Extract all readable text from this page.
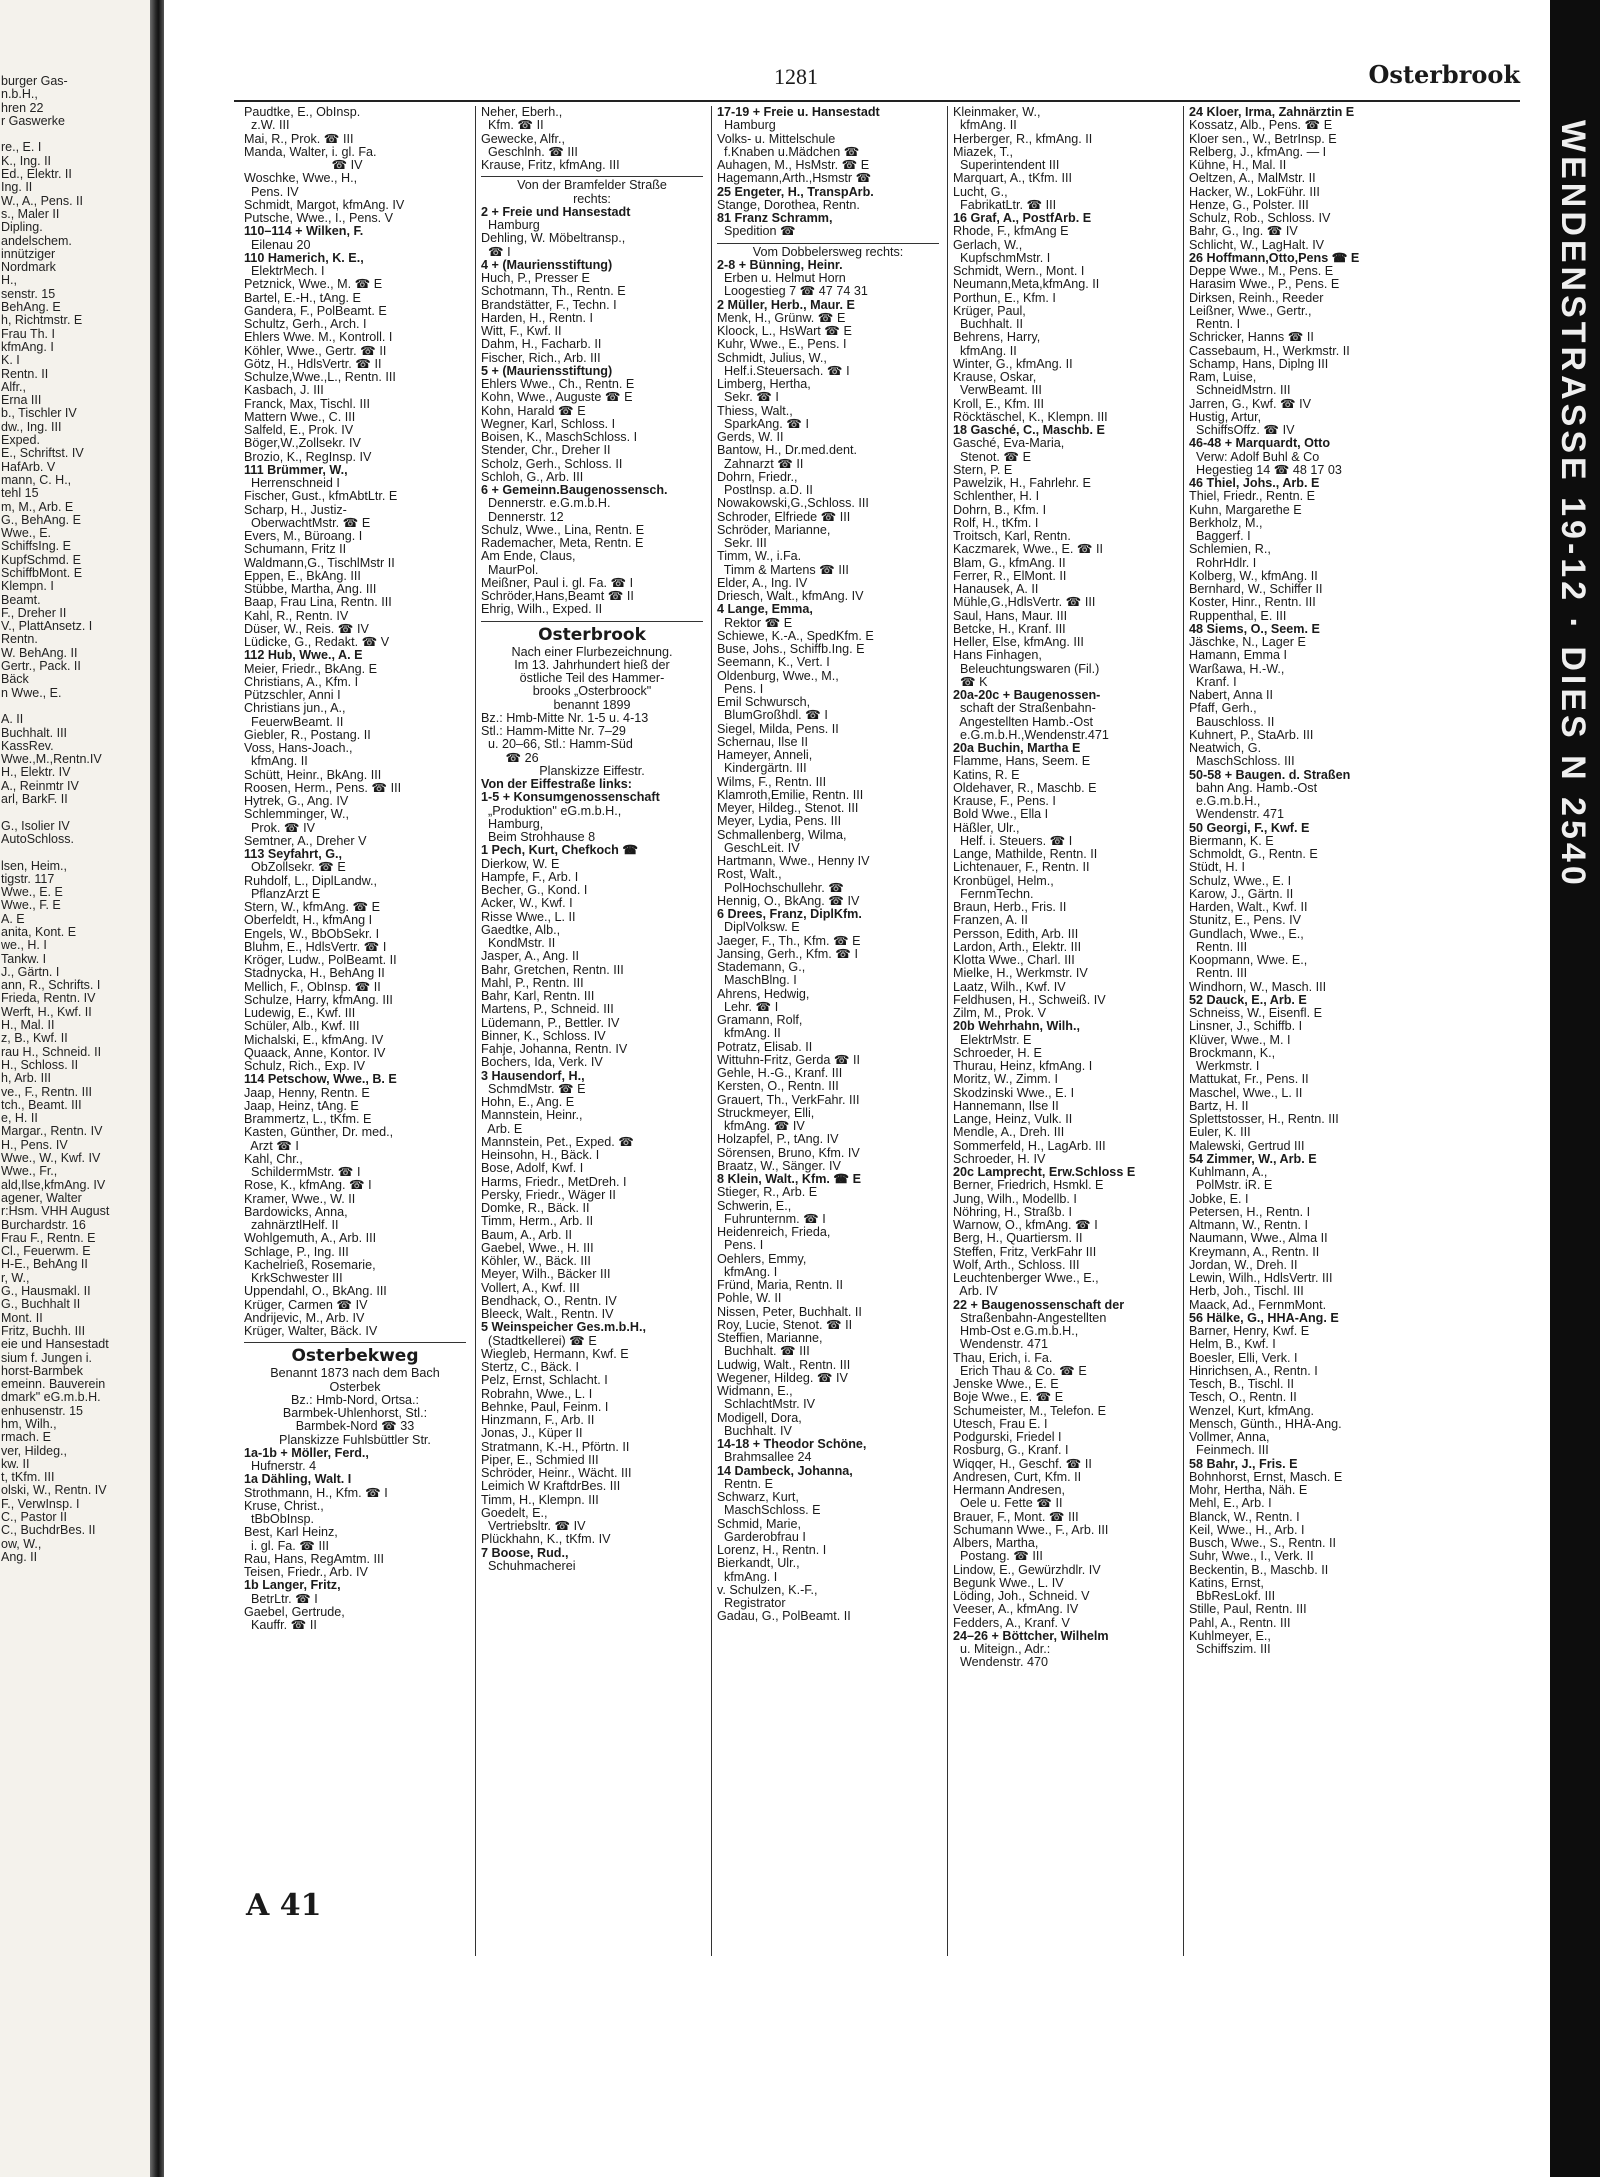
burger Gas-
n.b.H.,
hren 22
r Gaswerke

re., E. I
K., Ing. II
Ed., Elektr. II
Ing. II
W., A., Pens. II
s., Maler II
Dipling.
andelschem.
innütziger
Nordmark
H.,
senstr. 15
BehAng. E
h, Richtmstr. E
Frau Th. I
kfmAng. I
K. I
Rentn. II
Alfr.,
Erna III
b., Tischler IV
dw., Ing. III
Exped.
E., Schriftst. IV
HafArb. V
mann, C. H.,
tehl 15
m, M., Arb. E
G., BehAng. E
Wwe., E.
SchiffsIng. E
KupfSchmd. E
SchiffbMont. E
Klempn. I
Beamt.
F., Dreher II
V., PlattAnsetz. I
Rentn.
W. BehAng. II
Gertr., Pack. II
Bäck
n Wwe., E.

A. II
Buchhalt. III
KassRev.
Wwe.,M.,Rentn.IV
H., Elektr. IV
A., Reinmtr IV
arl, BarkF. II

G., Isolier IV
AutoSchloss.

lsen, Heim.,
tigstr. 117
Wwe., E. E
Wwe., F. E
A. E
anita, Kont. E
we., H. I
Tankw. I
J., Gärtn. I
ann, R., Schrifts. I
Frieda, Rentn. IV
Werft, H., Kwf. II
H., Mal. II
z, B., Kwf. II
rau H., Schneid. II
H., Schloss. II
h, Arb. III
ve., F., Rentn. III
tch., Beamt. III
e, H. II
Margar., Rentn. IV
H., Pens. IV
Wwe., W., Kwf. IV
Wwe., Fr.,
ald,Ilse,kfmAng. IV
agener, Walter
r:Hsm. VHH August
Burchardstr. 16
Frau F., Rentn. E
Cl., Feuerwm. E
H-E., BehAng II
r, W.,
G., Hausmakl. II
G., Buchhalt II
Mont. II
Fritz, Buchh. III
eie und Hansestadt
sium f. Jungen i.
horst-Barmbek
emeinn. Bauverein
dmark" eG.m.b.H.
enhusenstr. 15
hm, Wilh.,
rmach. E
ver, Hildeg.,
kw. II
t, tKfm. III
olski, W., Rentn. IV
F., VerwInsp. I
C., Pastor II
C., BuchdrBes. II
ow, W.,
Ang. II
1281	Osterbrook
Paudtke, E., ObInsp.
z.W. III
Mai, R., Prok. ☎ III
Manda, Walter, i. gl. Fa.
☎ IV
Woschke, Wwe., H.,
Pens. IV
Schmidt, Margot, kfmAng. IV
Putsche, Wwe., I., Pens. V
110–114 + Wilken, F.
Eilenau 20
110 Hamerich, K. E.,
ElektrMech. I
Petznick, Wwe., M. ☎ E
Bartel, E.-H., tAng. E
Gandera, F., PolBeamt. E
Schultz, Gerh., Arch. I
Ehlers Wwe. M., Kontroll. I
Köhler, Wwe., Gertr. ☎ II
Götz, H., HdlsVertr. ☎ II
Schulze,Wwe.,L., Rentn. III
Kasbach, J. III
Franck, Max, Tischl. III
Mattern Wwe., C. III
Salfeld, E., Prok. IV
Böger,W.,Zollsekr. IV
Brozio, K., RegInsp. IV
111 Brümmer, W.,
Herrenschneid I
Fischer, Gust., kfmAbtLtr. E
Scharp, H., Justiz-
OberwachtMstr. ☎ E
Evers, M., Büroang. I
Schumann, Fritz II
Waldmann,G., TischlMstr II
Eppen, E., BkAng. III
Stübbe, Martha, Ang. III
Baap, Frau Lina, Rentn. III
Kahl, R., Rentn. IV
Düser, W., Reis. ☎ IV
Lüdicke, G., Redakt. ☎ V
112 Hub, Wwe., A. E
Meier, Friedr., BkAng. E
Christians, A., Kfm. I
Pützschler, Anni I
Christians jun., A.,
FeuerwBeamt. II
Giebler, R., Postang. II
Voss, Hans-Joach.,
kfmAng. II
Schütt, Heinr., BkAng. III
Roosen, Herm., Pens. ☎ III
Hytrek, G., Ang. IV
Schlemminger, W.,
Prok. ☎ IV
Semtner, A., Dreher V
113 Seyfahrt, G.,
ObZollsekr. ☎ E
Ruhdolf, L., DiplLandw.,
PflanzArzt E
Stern, W., kfmAng. ☎ E
Oberfeldt, H., kfmAng I
Engels, W., BbObSekr. I
Bluhm, E., HdlsVertr. ☎ I
Kröger, Ludw., PolBeamt. II
Stadnycka, H., BehAng II
Mellich, F., ObInsp. ☎ II
Schulze, Harry, kfmAng. III
Ludewig, E., Kwf. III
Schüler, Alb., Kwf. III
Michalski, E., kfmAng. IV
Quaack, Anne, Kontor. IV
Schulz, Rich., Exp. IV
114 Petschow, Wwe., B. E
Jaap, Henny, Rentn. E
Jaap, Heinz, tAng. E
Brammertz, L., tKfm. E
Kasten, Günther, Dr. med.,
Arzt ☎ I
Kahl, Chr.,
SchildermMstr. ☎ I
Rose, K., kfmAng. ☎ I
Kramer, Wwe., W. II
Bardowicks, Anna,
zahnärztlHelf. II
Wohlgemuth, A., Arb. III
Schlage, P., Ing. III
Kachelrieß, Rosemarie,
KrkSchwester III
Uppendahl, O., BkAng. III
Krüger, Carmen ☎ IV
Andrijevic, M., Arb. IV
Krüger, Walter, Bäck. IV
Osterbekweg
Benannt 1873 nach dem Bach
Osterbek
Bz.: Hmb-Nord, Ortsa.:
Barmbek-Uhlenhorst, Stl.:
Barmbek-Nord ☎ 33
Planskizze Fuhlsbüttler Str.
1a-1b + Möller, Ferd.,
Hufnerstr. 4
1a Dähling, Walt. I
Strothmann, H., Kfm. ☎ I
Kruse, Christ.,
tBbObInsp.
Best, Karl Heinz,
i. gl. Fa. ☎ III
Rau, Hans, RegAmtm. III
Teisen, Friedr., Arb. IV
1b Langer, Fritz,
BetrLtr. ☎ I
Gaebel, Gertrude,
Kauffr. ☎ II
Neher, Eberh.,
Kfm. ☎ II
Gewecke, Alfr.,
Geschlnh. ☎ III
Krause, Fritz, kfmAng. III
Von der Bramfelder Straße
rechts:
2 + Freie und Hansestadt
Hamburg
Dehling, W. Möbeltransp.,
☎ I
4 + (Mauriensstiftung)
Huch, P., Presser E
Schotmann, Th., Rentn. E
Brandstätter, F., Techn. I
Harden, H., Rentn. I
Witt, F., Kwf. II
Dahm, H., Facharb. II
Fischer, Rich., Arb. III
5 + (Mauriensstiftung)
Ehlers Wwe., Ch., Rentn. E
Kohn, Wwe., Auguste ☎ E
Kohn, Harald ☎ E
Wegner, Karl, Schloss. I
Boisen, K., MaschSchloss. I
Stender, Chr., Dreher II
Scholz, Gerh., Schloss. II
Schloh, G., Arb. III
6 + Gemeinn.Baugenossensch.
Dennerstr. e.G.m.b.H.
Dennerstr. 12
Schulz, Wwe., Lina, Rentn. E
Rademacher, Meta, Rentn. E
Am Ende, Claus,
MaurPol.
Meißner, Paul i. gl. Fa. ☎ I
Schröder,Hans,Beamt ☎ II
Ehrig, Wilh., Exped. II
Osterbrook
Nach einer Flurbezeichnung.
Im 13. Jahrhundert hieß der
östliche Teil des Hammer-
brooks „Osterbroock"
benannt 1899
Bz.: Hmb-Mitte Nr. 1-5 u. 4-13
Stl.: Hamm-Mitte Nr. 7–29
u. 20–66, Stl.: Hamm-Süd
☎ 26
Planskizze Eiffestr.
Von der Eiffestraße links:
1-5 + Konsumgenossenschaft
„Produktion" eG.m.b.H.,
Hamburg,
Beim Strohhause 8
1 Pech, Kurt, Chefkoch ☎
Dierkow, W. E
Hampfe, F., Arb. I
Becher, G., Kond. I
Acker, W., Kwf. I
Risse Wwe., L. II
Gaedtke, Alb.,
KondMstr. II
Jasper, A., Ang. II
Bahr, Gretchen, Rentn. III
Mahl, P., Rentn. III
Bahr, Karl, Rentn. III
Martens, P., Schneid. III
Lüdemann, P., Bettler. IV
Binner, K., Schloss. IV
Fahje, Johanna, Rentn. IV
Bochers, Ida, Verk. IV
3 Hausendorf, H.,
SchmdMstr. ☎ E
Hohn, E., Ang. E
Mannstein, Heinr.,
Arb. E
Mannstein, Pet., Exped. ☎
Heinsohn, H., Bäck. I
Bose, Adolf, Kwf. I
Harms, Friedr., MetDreh. I
Persky, Friedr., Wäger II
Domke, R., Bäck. II
Timm, Herm., Arb. II
Baum, A., Arb. II
Gaebel, Wwe., H. III
Köhler, W., Bäck. III
Meyer, Wilh., Bäcker III
Vollert, A., Kwf. III
Bendhack, O., Rentn. IV
Bleeck, Walt., Rentn. IV
5 Weinspeicher Ges.m.b.H.,
(Stadtkellerei) ☎ E
Wiegleb, Hermann, Kwf. E
Stertz, C., Bäck. I
Pelz, Ernst, Schlacht. I
Robrahn, Wwe., L. I
Behnke, Paul, Feinm. I
Hinzmann, F., Arb. II
Jonas, J., Küper II
Stratmann, K.-H., Pförtn. II
Piper, E., Schmied III
Schröder, Heinr., Wächt. III
Leimich W KraftdrBes. III
Timm, H., Klempn. III
Goedelt, E.,
Vertriebsltr. ☎ IV
Plückhahn, K., tKfm. IV
7 Boose, Rud.,
Schuhmacherei
17-19 + Freie u. Hansestadt
Hamburg
Volks- u. Mittelschule
f.Knaben u.Mädchen ☎
Auhagen, M., HsMstr. ☎ E
Hagemann,Arth.,Hsmstr ☎
25 Engeter, H., TranspArb.
Stange, Dorothea, Rentn.
81 Franz Schramm,
Spedition ☎
Vom Dobbelersweg rechts:
2-8 + Bünning, Heinr.
Erben u. Helmut Horn
Loogestieg 7 ☎ 47 74 31
2 Müller, Herb., Maur. E
Menk, H., Grünw. ☎ E
Kloock, L., HsWart ☎ E
Kuhr, Wwe., E., Pens. I
Schmidt, Julius, W.,
Helf.i.Steuersach. ☎ I
Limberg, Hertha,
Sekr. ☎ I
Thiess, Walt.,
SparkAng. ☎ I
Gerds, W. II
Bantow, H., Dr.med.dent.
Zahnarzt ☎ II
Dohrn, Friedr.,
Postlnsp. a.D. II
Nowakowski,G.,Schloss. III
Schroder, Elfriede ☎ III
Schröder, Marianne,
Sekr. III
Timm, W., i.Fa.
Timm & Martens ☎ III
Elder, A., Ing. IV
Driesch, Walt., kfmAng. IV
4 Lange, Emma,
Rektor ☎ E
Schiewe, K.-A., SpedKfm. E
Buse, Johs., Schiffb.Ing. E
Seemann, K., Vert. I
Oldenburg, Wwe., M.,
Pens. I
Emil Schwursch,
BlumGroßhdl. ☎ I
Siegel, Milda, Pens. II
Schernau, Ilse II
Hameyer, Anneli,
Kindergärtn. III
Wilms, F., Rentn. III
Klamroth,Emilie, Rentn. III
Meyer, Hildeg., Stenot. III
Meyer, Lydia, Pens. III
Schmallenberg, Wilma,
GeschLeit. IV
Hartmann, Wwe., Henny IV
Rost, Walt.,
PolHochschullehr. ☎
Hennig, O., BkAng. ☎ IV
6 Drees, Franz, DiplKfm.
DiplVolksw. E
Jaeger, F., Th., Kfm. ☎ E
Jansing, Gerh., Kfm. ☎ I
Stademann, G.,
MaschBlng. I
Ahrens, Hedwig,
Lehr. ☎ I
Gramann, Rolf,
kfmAng. II
Potratz, Elisab. II
Wittuhn-Fritz, Gerda ☎ II
Gehle, H.-G., Kranf. III
Kersten, O., Rentn. III
Grauert, Th., VerkFahr. III
Struckmeyer, Elli,
kfmAng. ☎ IV
Holzapfel, P., tAng. IV
Sörensen, Bruno, Kfm. IV
Braatz, W., Sänger. IV
8 Klein, Walt., Kfm. ☎ E
Stieger, R., Arb. E
Schwerin, E.,
Fuhrunternm. ☎ I
Heidenreich, Frieda,
Pens. I
Oehlers, Emmy,
kfmAng. I
Fründ, Maria, Rentn. II
Pohle, W. II
Nissen, Peter, Buchhalt. II
Roy, Lucie, Stenot. ☎ II
Steffien, Marianne,
Buchhalt. ☎ III
Ludwig, Walt., Rentn. III
Wegener, Hildeg. ☎ IV
Widmann, E.,
SchlachtMstr. IV
Modigell, Dora,
Buchhalt. IV
14-18 + Theodor Schöne,
Brahmsallee 24
14 Dambeck, Johanna,
Rentn. E
Schwarz, Kurt,
MaschSchloss. E
Schmid, Marie,
Garderobfrau I
Lorenz, H., Rentn. I
Bierkandt, Ulr.,
kfmAng. I
v. Schulzen, K.-F.,
Registrator
Gadau, G., PolBeamt. II
Kleinmaker, W.,
kfmAng. II
Herberger, R., kfmAng. II
Miazek, T.,
Superintendent III
Marquart, A., tKfm. III
Lucht, G.,
FabrikatLtr. ☎ III
16 Graf, A., PostfArb. E
Rhode, F., kfmAng E
Gerlach, W.,
KupfschmMstr. I
Schmidt, Wern., Mont. I
Neumann,Meta,kfmAng. II
Porthun, E., Kfm. I
Krüger, Paul,
Buchhalt. II
Behrens, Harry,
kfmAng. II
Winter, G., kfmAng. II
Krause, Oskar,
VerwBeamt. III
Kroll, E., Kfm. III
Röcktäschel, K., Klempn. III
18 Gasché, C., Maschb. E
Gasché, Eva-Maria,
Stenot. ☎ E
Stern, P. E
Pawelzik, H., Fahrlehr. E
Schlenther, H. I
Dohrn, B., Kfm. I
Rolf, H., tKfm. I
Troitsch, Karl, Rentn.
Kaczmarek, Wwe., E. ☎ II
Blam, G., kfmAng. II
Ferrer, R., ElMont. II
Hanausek, A. II
Mühle,G.,HdlsVertr. ☎ III
Saul, Hans, Maur. III
Betcke, H., Kranf. III
Heller, Else, kfmAng. III
Hans Finhagen,
Beleuchtungswaren (Fil.)
☎ K
20a-20c + Baugenossen-
schaft der Straßenbahn-
Angestellten Hamb.-Ost
e.G.m.b.H.,Wendenstr.471
20a Buchin, Martha E
Flamme, Hans, Seem. E
Katins, R. E
Oldehaver, R., Maschb. E
Krause, F., Pens. I
Bold Wwe., Ella I
Häßler, Ulr.,
Helf. i. Steuers. ☎ I
Lange, Mathilde, Rentn. II
Lichtenauer, F., Rentn. II
Kronbügel, Helm.,
FernmTechn.
Braun, Herb., Fris. II
Franzen, A. II
Persson, Edith, Arb. III
Lardon, Arth., Elektr. III
Klotta Wwe., Charl. III
Mielke, H., Werkmstr. IV
Laatz, Wilh., Kwf. IV
Feldhusen, H., Schweiß. IV
Zilm, M., Prok. V
20b Wehrhahn, Wilh.,
ElektrMstr. E
Schroeder, H. E
Thurau, Heinz, kfmAng. I
Moritz, W., Zimm. I
Skodzinski Wwe., E. I
Hannemann, Ilse II
Lange, Heinz, Vulk. II
Mendle, A., Dreh. III
Sommerfeld, H., LagArb. III
Schroeder, H. IV
20c Lamprecht, Erw.Schloss E
Berner, Friedrich, Hsmkl. E
Jung, Wilh., Modellb. I
Nöhring, H., Straßb. I
Warnow, O., kfmAng. ☎ I
Berg, H., Quartiersm. II
Steffen, Fritz, VerkFahr III
Wolf, Arth., Schloss. III
Leuchtenberger Wwe., E.,
Arb. IV
22 + Baugenossenschaft der
Straßenbahn-Angestellten
Hmb-Ost e.G.m.b.H.,
Wendenstr. 471
Thau, Erich, i. Fa.
Erich Thau & Co. ☎ E
Jenske Wwe., E. E
Boje Wwe., E. ☎ E
Schumeister, M., Telefon. E
Utesch, Frau E. I
Podgurski, Friedel I
Rosburg, G., Kranf. I
Wiqqer, H., Geschf. ☎ II
Andresen, Curt, Kfm. II
Hermann Andresen,
Oele u. Fette ☎ II
Brauer, F., Mont. ☎ III
Schumann Wwe., F., Arb. III
Albers, Martha,
Postang. ☎ III
Lindow, E., Gewürzhdlr. IV
Begunk Wwe., L. IV
Löding, Joh., Schneid. V
Veeser, A., kfmAng. IV
Fedders, A., Kranf. V
24–26 + Böttcher, Wilhelm
u. Miteign., Adr.:
Wendenstr. 470
24 Kloer, Irma, Zahnärztin E
Kossatz, Alb., Pens. ☎ E
Kloer sen., W., BetrInsp. E
Relberg, J., kfmAng. — I
Kühne, H., Mal. II
Oeltzen, A., MalMstr. II
Hacker, W., LokFühr. III
Henze, G., Polster. III
Schulz, Rob., Schloss. IV
Bahr, G., Ing. ☎ IV
Schlicht, W., LagHalt. IV
26 Hoffmann,Otto,Pens ☎ E
Deppe Wwe., M., Pens. E
Harasim Wwe., P., Pens. E
Dirksen, Reinh., Reeder
Leißner, Wwe., Gertr.,
Rentn. I
Schricker, Hanns ☎ II
Cassebaum, H., Werkmstr. II
Schamp, Hans, Diplng III
Ram, Luise,
SchneidMstrn. III
Jarren, G., Kwf. ☎ IV
Hustig, Artur,
SchiffsOffz. ☎ IV
46-48 + Marquardt, Otto
Verw: Adolf Buhl & Co
Hegestieg 14 ☎ 48 17 03
46 Thiel, Johs., Arb. E
Thiel, Friedr., Rentn. E
Kuhn, Margarethe E
Berkholz, M.,
Baggerf. I
Schlemien, R.,
RohrHdlr. I
Kolberg, W., kfmAng. II
Bernhard, W., Schiffer II
Koster, Hinr., Rentn. III
Ruppenthal, E. III
48 Siems, O., Seem. E
Jäschke, N., Lager E
Hamann, Emma I
Warßawa, H.-W.,
Kranf. I
Nabert, Anna II
Pfaff, Gerh.,
Bauschloss. II
Kuhnert, P., StaArb. III
Neatwich, G.
MaschSchloss. III
50-58 + Baugen. d. Straßen
bahn Ang. Hamb.-Ost
e.G.m.b.H.,
Wendenstr. 471
50 Georgi, F., Kwf. E
Biermann, K. E
Schmoldt, G., Rentn. E
Stüdt, H. I
Schulz, Wwe., E. I
Karow, J., Gärtn. II
Harden, Walt., Kwf. II
Stunitz, E., Pens. IV
Gundlach, Wwe., E.,
Rentn. III
Koopmann, Wwe. E.,
Rentn. III
Windhorn, W., Masch. III
52 Dauck, E., Arb. E
Schneiss, W., Eisenfl. E
Linsner, J., Schiffb. I
Klüver, Wwe., M. I
Brockmann, K.,
Werkmstr. I
Mattukat, Fr., Pens. II
Maschel, Wwe., L. II
Bartz, H. II
Splettstosser, H., Rentn. III
Euler, K. III
Malewski, Gertrud III
54 Zimmer, W., Arb. E
Kuhlmann, A.,
PolMstr. iR. E
Jobke, E. I
Petersen, H., Rentn. I
Altmann, W., Rentn. I
Naumann, Wwe., Alma II
Kreymann, A., Rentn. II
Jordan, W., Dreh. II
Lewin, Wilh., HdlsVertr. III
Herb, Joh., Tischl. III
Maack, Ad., FernmMont.
56 Hälke, G., HHA-Ang. E
Barner, Henry, Kwf. E
Helm, B., Kwf. I
Boesler, Elli, Verk. I
Hinrichsen, A., Rentn. I
Tesch, B., Tischl. II
Tesch, O., Rentn. II
Wenzel, Kurt, kfmAng.
Mensch, Günth., HHA-Ang.
Vollmer, Anna,
Feinmech. III
58 Bahr, J., Fris. E
Bohnhorst, Ernst, Masch. E
Mohr, Hertha, Näh. E
Mehl, E., Arb. I
Blanck, W., Rentn. I
Keil, Wwe., H., Arb. I
Busch, Wwe., S., Rentn. II
Suhr, Wwe., I., Verk. II
Beckentin, B., Maschb. II
Katins, Ernst,
BbResLokf. III
Stille, Paul, Rentn. III
Pahl, A., Rentn. III
Kuhlmeyer, E.,
Schiffszim. III
A 41
WENDENSTRASSE 19-12 · DIES N 2540
